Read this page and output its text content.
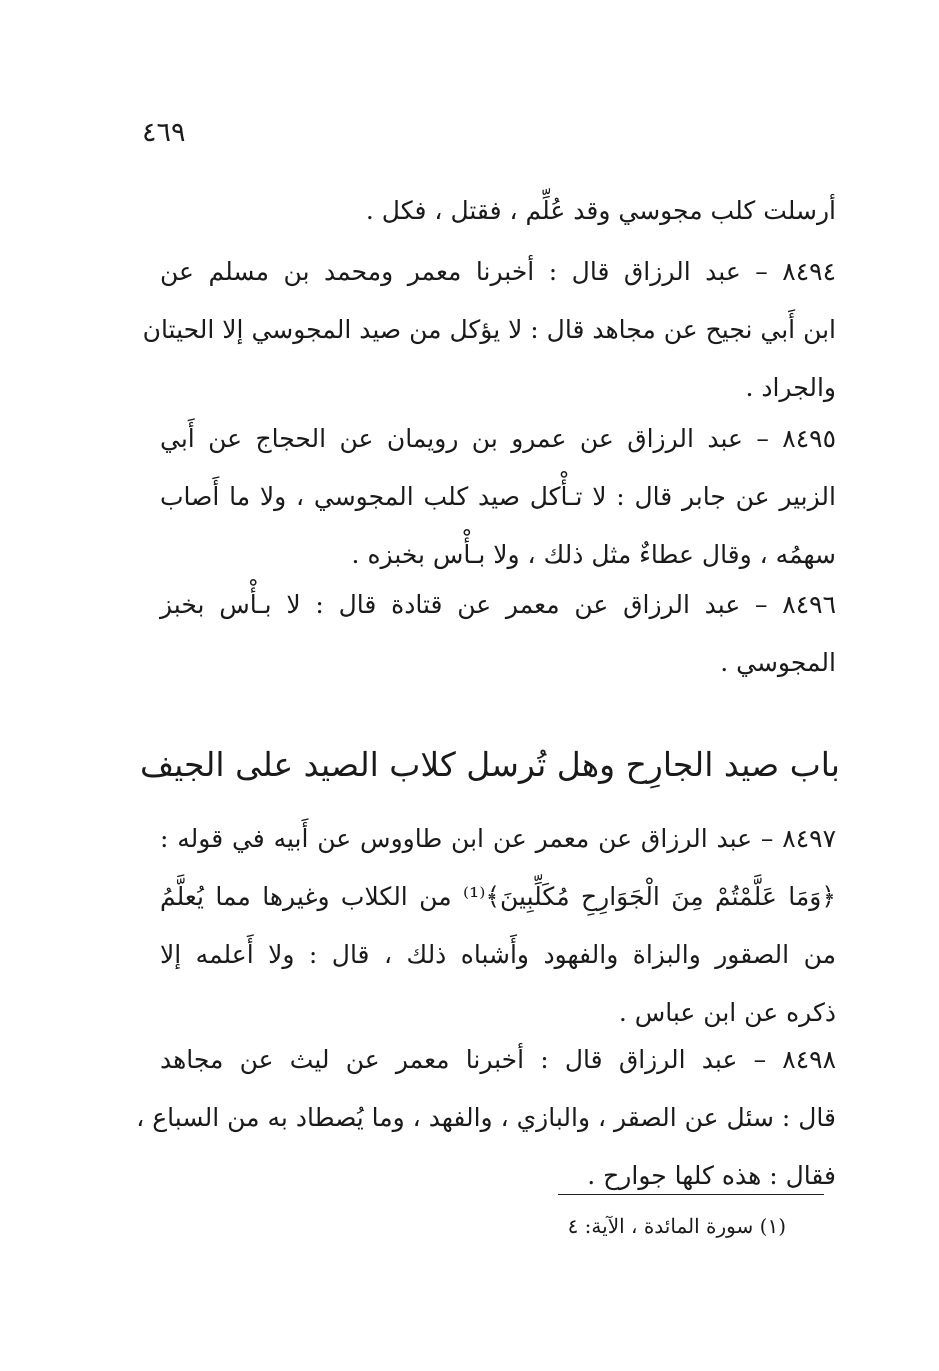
٤٦٩
أرسلت كلب مجوسي وقد عُلِّم ، فقتل ، فكل .
٨٤٩٤ – عبد الرزاق قال : أخبرنا معمر ومحمد بن مسلم عن
ابن أَبي نجيح عن مجاهد قال : لا يؤكل من صيد المجوسي إلا الحيتان
والجراد .
٨٤٩٥ – عبد الرزاق عن عمرو بن رويمان عن الحجاج عن أَبي
الزبير عن جابر قال : لا تـأْكل صيد كلب المجوسي ، ولا ما أَصاب
سهمُه ، وقال عطاءٌ مثل ذلك ، ولا بـأْس بخبزه .
٨٤٩٦ – عبد الرزاق عن معمر عن قتادة قال : لا بـأْس بخبز
المجوسي .
باب صيد الجارِح وهل تُرسل كلاب الصيد على الجيف
٨٤٩٧ – عبد الرزاق عن معمر عن ابن طاووس عن أَبيه في قوله :
﴿وَمَا عَلَّمْتُمْ مِنَ الْجَوَارِحِ مُكَلِّبِينَ﴾⁽¹⁾ من الكلاب وغيرها مما يُعلَّمُ
من الصقور والبزاة والفهود وأَشباه ذلك ، قال : ولا أَعلمه إلا
ذكره عن ابن عباس .
٨٤٩٨ – عبد الرزاق قال : أخبرنا معمر عن ليث عن مجاهد
قال : سئل عن الصقر ، والبازي ، والفهد ، وما يُصطاد به من السباع ،
فقال : هذه كلها جوارح .
(١) سورة المائدة ، الآية: ٤
